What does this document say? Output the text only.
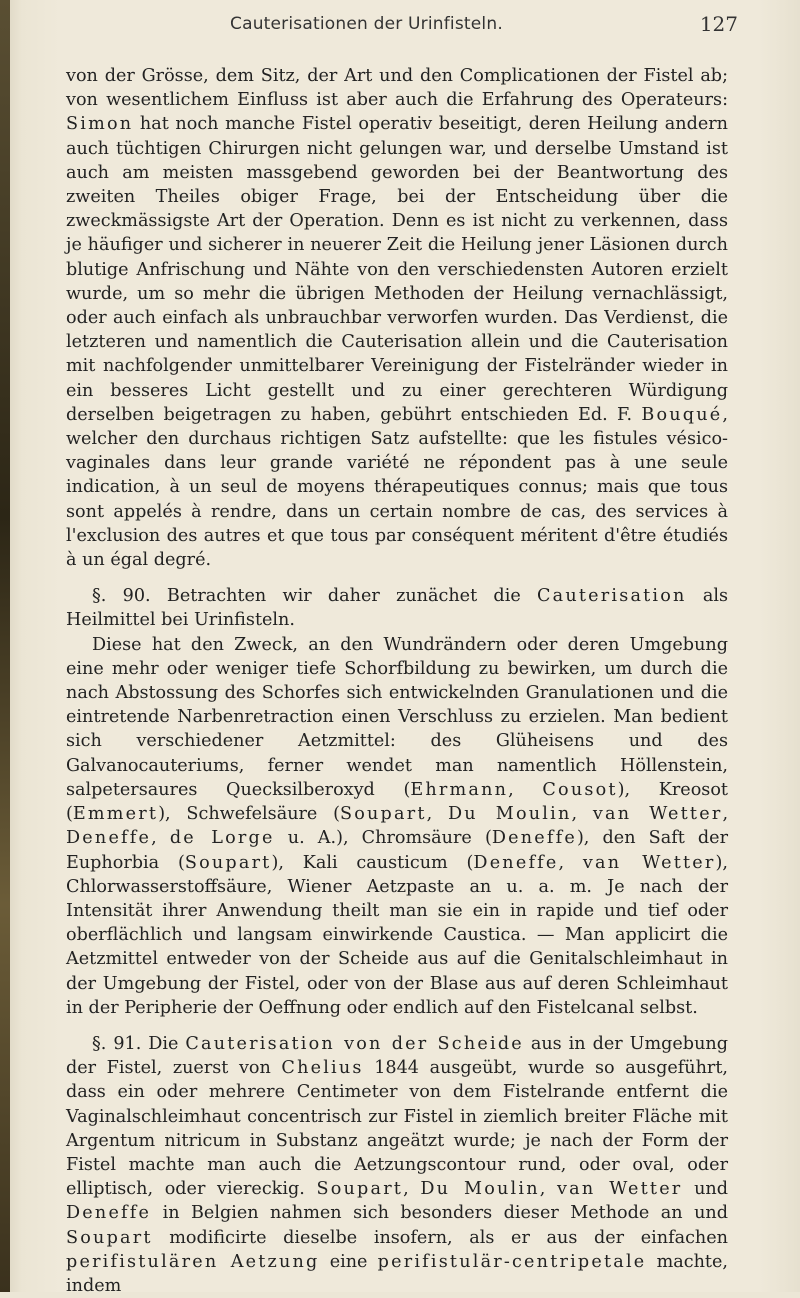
Cauterisationen der Urinfisteln.	127

von der Grösse, dem Sitz, der Art und den Complicationen der Fistel ab; von wesentlichem Einfluss ist aber auch die Erfahrung des Operateurs: Simon hat noch manche Fistel operativ beseitigt, deren Heilung andern auch tüchtigen Chirurgen nicht gelungen war, und derselbe Umstand ist auch am meisten massgebend geworden bei der Beantwortung des zweiten Theiles obiger Frage, bei der Entscheidung über die zweckmässigste Art der Operation. Denn es ist nicht zu verkennen, dass je häufiger und sicherer in neuerer Zeit die Heilung jener Läsionen durch blutige Anfrischung und Nähte von den verschiedensten Autoren erzielt wurde, um so mehr die übrigen Methoden der Heilung vernachlässigt, oder auch einfach als unbrauchbar verworfen wurden. Das Verdienst, die letzteren und namentlich die Cauterisation allein und die Cauterisation mit nachfolgender unmittelbarer Vereinigung der Fistelränder wieder in ein besseres Licht gestellt und zu einer gerechteren Würdigung derselben beigetragen zu haben, gebührt entschieden Ed. F. Bouqué, welcher den durchaus richtigen Satz aufstellte: que les fistules vésico-vaginales dans leur grande variété ne répondent pas à une seule indication, à un seul de moyens thérapeutiques connus; mais que tous sont appelés à rendre, dans un certain nombre de cas, des services à l'exclusion des autres et que tous par conséquent méritent d'être étudiés à un égal degré.

§. 90. Betrachten wir daher zunächet die Cauterisation als Heilmittel bei Urinfisteln.

Diese hat den Zweck, an den Wundrändern oder deren Umgebung eine mehr oder weniger tiefe Schorfbildung zu bewirken, um durch die nach Abstossung des Schorfes sich entwickelnden Granulationen und die eintretende Narbenretraction einen Verschluss zu erzielen. Man bedient sich verschiedener Aetzmittel: des Glüheisens und des Galvanocauteriums, ferner wendet man namentlich Höllenstein, salpetersaures Quecksilberoxyd (Ehrmann, Cousot), Kreosot (Emmert), Schwefelsäure (Soupart, Du Moulin, van Wetter, Deneffe, de Lorge u. A.), Chromsäure (Deneffe), den Saft der Euphorbia (Soupart), Kali causticum (Deneffe, van Wetter), Chlorwasserstoffsäure, Wiener Aetzpaste an u. a. m. Je nach der Intensität ihrer Anwendung theilt man sie ein in rapide und tief oder oberflächlich und langsam einwirkende Caustica. — Man applicirt die Aetzmittel entweder von der Scheide aus auf die Genitalschleimhaut in der Umgebung der Fistel, oder von der Blase aus auf deren Schleimhaut in der Peripherie der Oeffnung oder endlich auf den Fistelcanal selbst.

§. 91. Die Cauterisation von der Scheide aus in der Umgebung der Fistel, zuerst von Chelius 1844 ausgeübt, wurde so ausgeführt, dass ein oder mehrere Centimeter von dem Fistelrande entfernt die Vaginalschleimhaut concentrisch zur Fistel in ziemlich breiter Fläche mit Argentum nitricum in Substanz angeätzt wurde; je nach der Form der Fistel machte man auch die Aetzungscontour rund, oder oval, oder elliptisch, oder viereckig. Soupart, Du Moulin, van Wetter und Deneffe in Belgien nahmen sich besonders dieser Methode an und Soupart modificirte dieselbe insofern, als er aus der einfachen perifistulären Aetzung eine perifistulär-centripetale machte, indem
